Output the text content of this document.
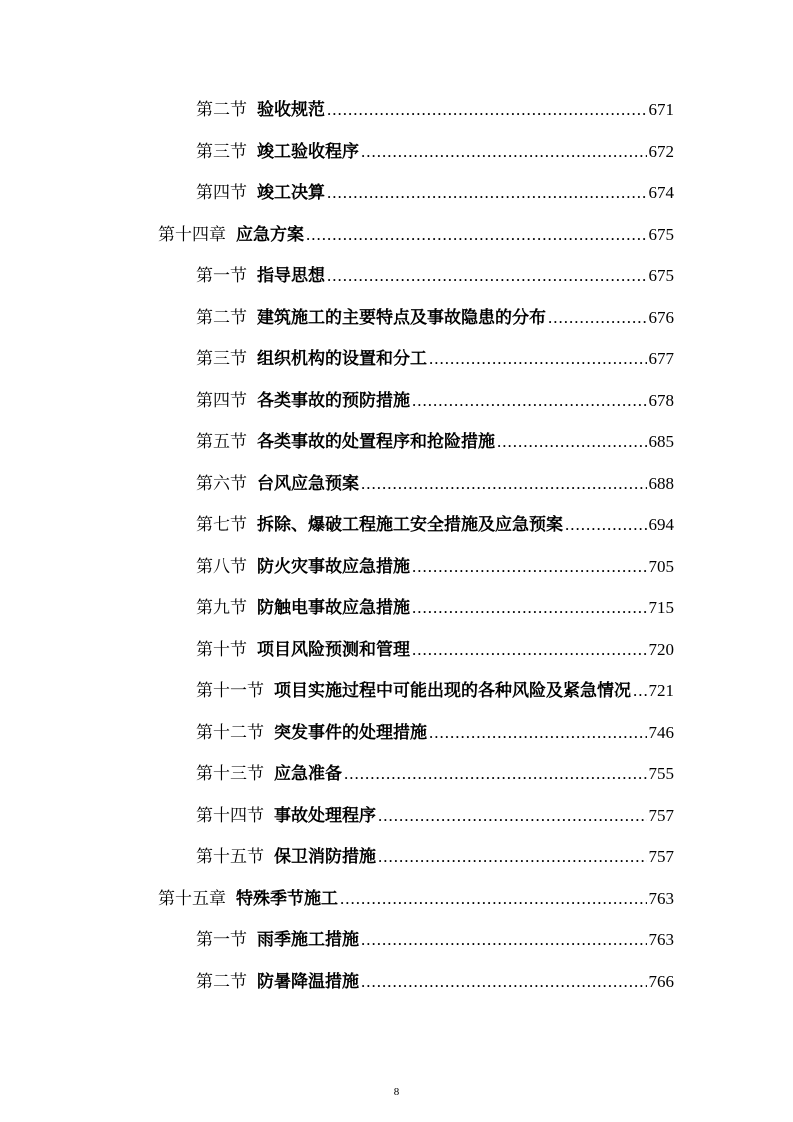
第二节 验收规范 .....	671
第三节 竣工验收程序 .....	672
第四节 竣工决算 .....	674
第十四章 应急方案 .....	675
第一节 指导思想 .....	675
第二节 建筑施工的主要特点及事故隐患的分布 .....	676
第三节 组织机构的设置和分工 .....	677
第四节 各类事故的预防措施 .....	678
第五节 各类事故的处置程序和抢险措施 .....	685
第六节 台风应急预案 .....	688
第七节 拆除、爆破工程施工安全措施及应急预案 .....	694
第八节 防火灾事故应急措施 .....	705
第九节 防触电事故应急措施 .....	715
第十节 项目风险预测和管理 .....	720
第十一节 项目实施过程中可能出现的各种风险及紧急情况 ..... 721
第十二节 突发事件的处理措施 .....	746
第十三节 应急准备 .....	755
第十四节 事故处理程序 .....	757
第十五节 保卫消防措施 .....	757
第十五章 特殊季节施工 .....	763
第一节 雨季施工措施 .....	763
第二节 防暑降温措施 .....	766
8
